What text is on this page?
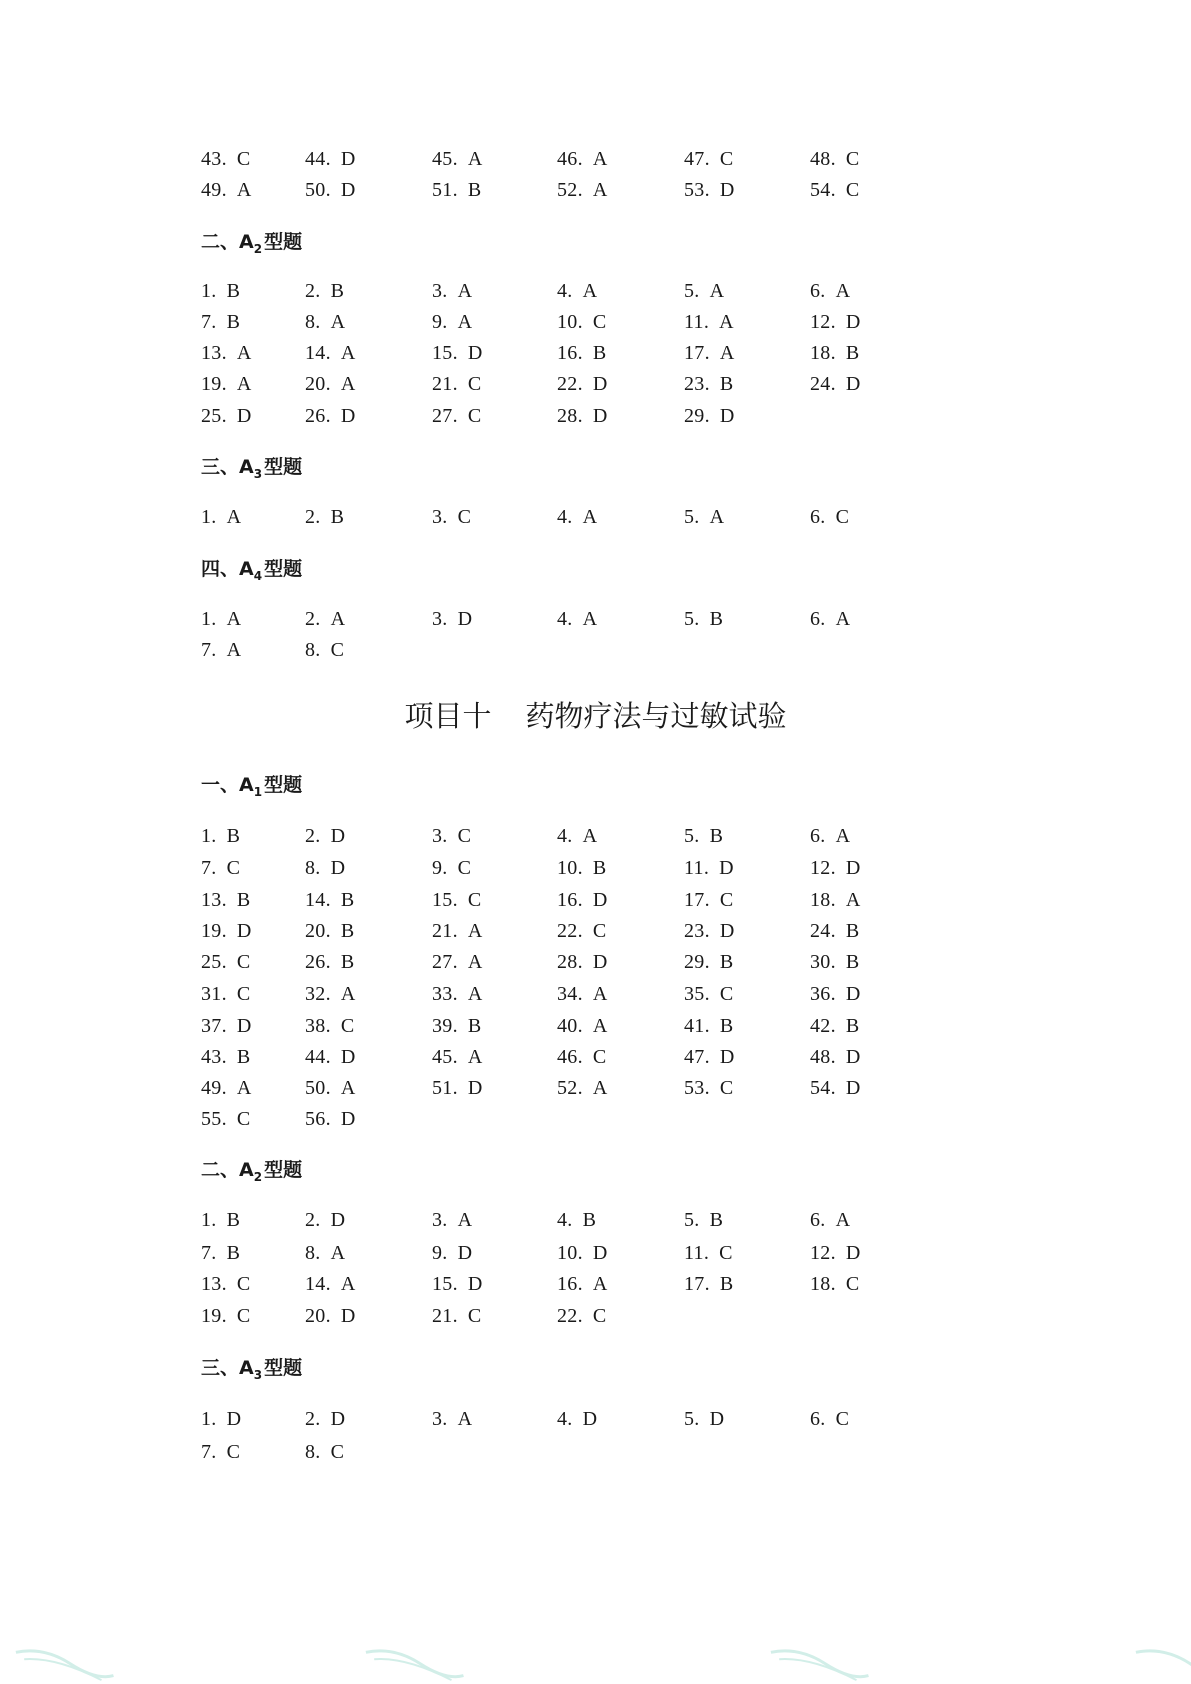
43. C	44. D	45. A	46. A	47. C	48. C
49. A	50. D	51. B	52. A	53. D	54. C
二、$A_2$ 型题
1. B	2. B	3. A	4. A	5. A	6. A
7. B	8. A	9. A	10. C	11. A	12. D
13. A	14. A	15. D	16. B	17. A	18. B
19. A	20. A	21. C	22. D	23. B	24. D
25. D	26. D	27. C	28. D	29. D
三、$A_3$ 型题
1. A	2. B	3. C	4. A	5. A	6. C
四、$A_4$ 型题
1. A	2. A	3. D	4. A	5. B	6. A
7. A	8. C
一、$A_1$ 型题
1. B	2. D	3. C	4. A	5. B	6. A
7. C	8. D	9. C	10. B	11. D	12. D
13. B	14. B	15. C	16. D	17. C	18. A
19. D	20. B	21. A	22. C	23. D	24. B
25. C	26. B	27. A	28. D	29. B	30. B
31. C	32. A	33. A	34. A	35. C	36. D
37. D	38. C	39. B	40. A	41. B	42. B
43. B	44. D	45. A	46. C	47. D	48. D
49. A	50. A	51. D	52. A	53. C	54. D
55. C	56. D
二、$A_2$ 型题
1. B	2. D	3. A	4. B	5. B	6. A
7. B	8. A	9. D	10. D	11. C	12. D
13. C	14. A	15. D	16. A	17. B	18. C
19. C	20. D	21. C	22. C
三、$A_3$ 型题
1. D	2. D	3. A	4. D	5. D	6. C
7. C	8. C
项目十 药物疗法与过敏试验
